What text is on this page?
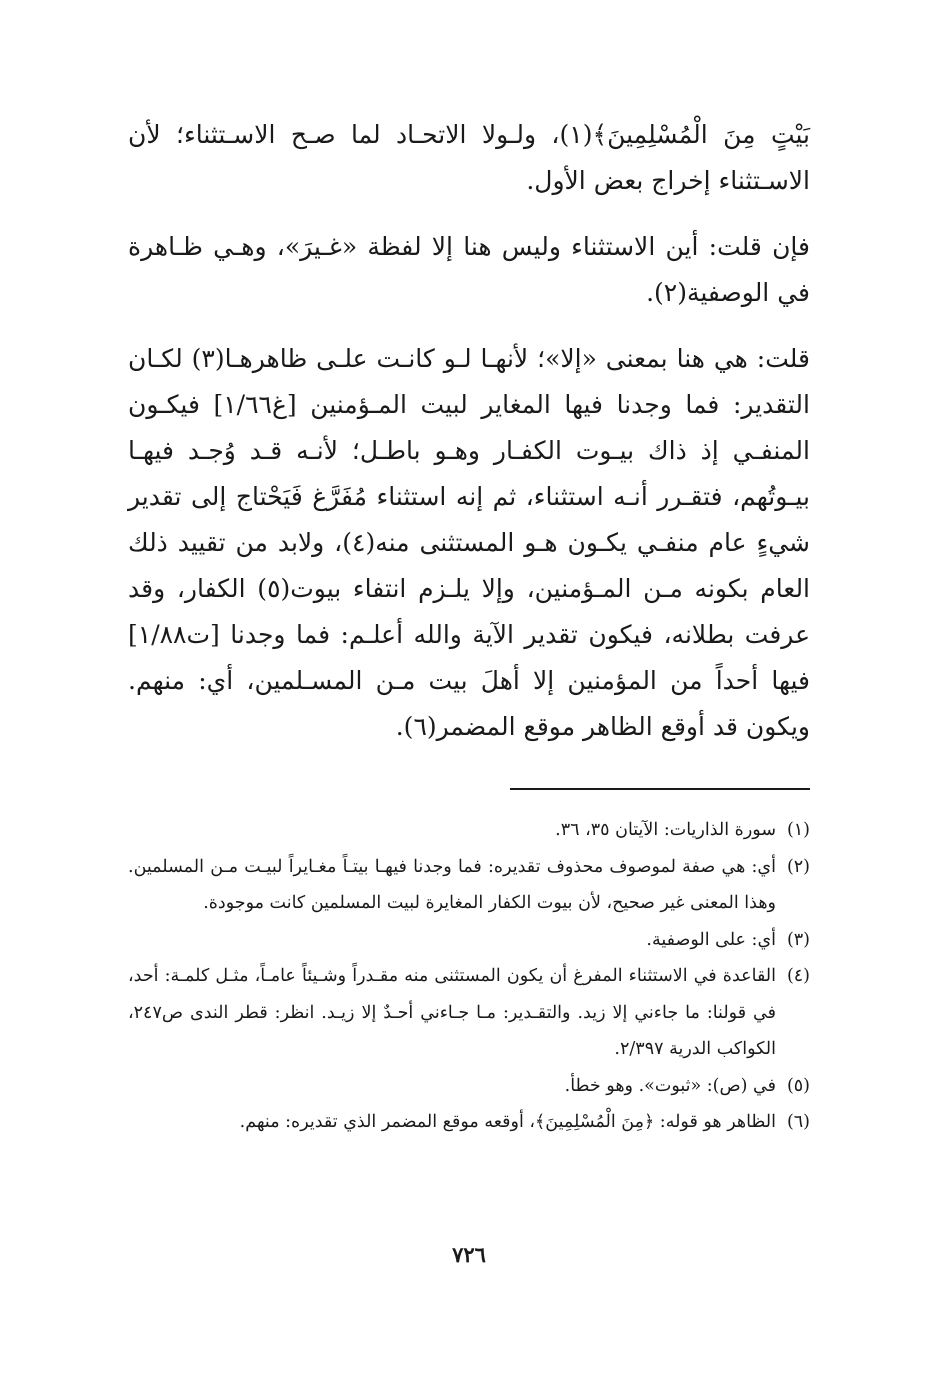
بَيْتٍ مِنَ الْمُسْلِمِينَ﴾(١)، ولـولا الاتحـاد لما صـح الاسـتثناء؛ لأن الاسـتثناء إخراج بعض الأول.

فإن قلت: أين الاستثناء وليس هنا إلا لفظة «غـيرَ»، وهـي ظـاهرة في الوصفية(٢).

قلت: هي هنا بمعنى «إلا»؛ لأنهـا لـو كانـت علـى ظاهرهـا(٣) لكـان التقدير: فما وجدنا فيها المغاير لبيت المـؤمنين [غ١/٦٦] فيكـون المنفـي إذ ذاك بيـوت الكفـار وهـو باطـل؛ لأنـه قـد وُجـد فيهـا بيـوتُهم، فتقـرر أنـه استثناء، ثم إنه استثناء مُفَرَّغ فَيَحْتاج إلى تقدير شيءٍ عام منفـي يكـون هـو المستثنى منه(٤)، ولابد من تقييد ذلك العام بكونه مـن المـؤمنين، وإلا يلـزم انتفاء بيوت(٥) الكفار، وقد عرفت بطلانه، فيكون تقدير الآية والله أعلـم: فما وجدنا [ت١/٨٨] فيها أحداً من المؤمنين إلا أهلَ بيت مـن المسـلمين، أي: منهم. ويكون قد أوقع الظاهر موقع المضمر(٦).

(١)
سورة الذاريات: الآيتان ٣٥، ٣٦.
(٢)
أي: هي صفة لموصوف محذوف تقديره: فما وجدنا فيهـا بيتـاً مغـايراً لبيـت مـن المسلمين. وهذا المعنى غير صحيح، لأن بيوت الكفار المغايرة لبيت المسلمين كانت موجودة.
(٣)
أي: على الوصفية.
(٤)
القاعدة في الاستثناء المفرغ أن يكون المستثنى منه مقـدراً وشـيئاً عامـاً، مثـل كلمـة: أحد، في قولنا: ما جاءني إلا زيد. والتقـدير: مـا جـاءني أحـدٌ إلا زيـد. انظر: قطر الندى ص٢٤٧، الكواكب الدرية ٢/٣٩٧.
(٥)
في (ص): «ثبوت». وهو خطأ.
(٦)
الظاهر هو قوله: ﴿مِنَ الْمُسْلِمِينَ﴾، أوقعه موقع المضمر الذي تقديره: منهم.
٧٢٦
